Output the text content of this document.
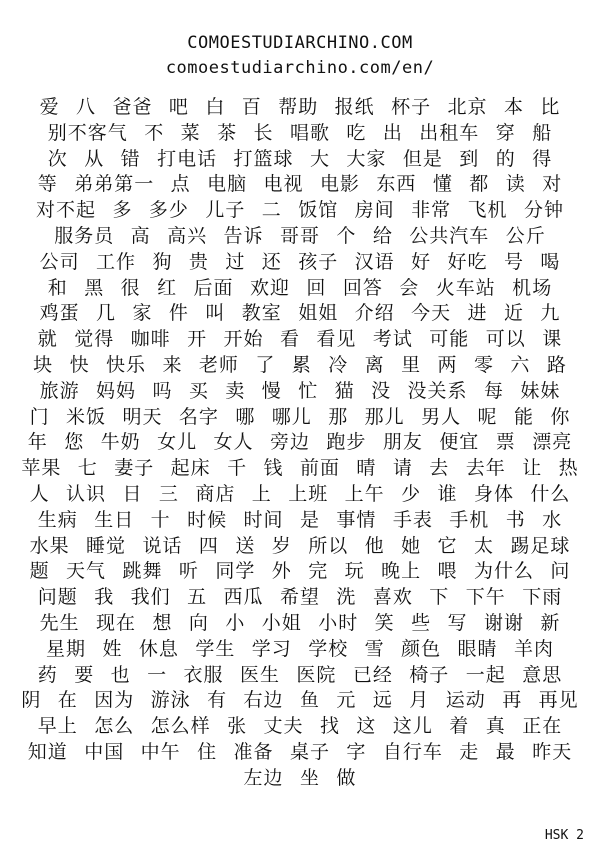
COMOESTUDIARCHINO.COM
comoestudiarchino.com/en/
爱 八 爸爸 吧 白 百 帮助 报纸 杯子 北京 本 比
别不客气 不 菜 茶 长 唱歌 吃 出 出租车 穿 船
次 从 错 打电话 打篮球 大 大家 但是 到 的 得
等 弟弟第一 点 电脑 电视 电影 东西 懂 都 读 对
对不起 多 多少 儿子 二 饭馆 房间 非常 飞机 分钟
服务员 高 高兴 告诉 哥哥 个 给 公共汽车 公斤
公司 工作 狗 贵 过 还 孩子 汉语 好 好吃 号 喝
和 黑 很 红 后面 欢迎 回 回答 会 火车站 机场
鸡蛋 几 家 件 叫 教室 姐姐 介绍 今天 进 近 九
就 觉得 咖啡 开 开始 看 看见 考试 可能 可以 课
块 快 快乐 来 老师 了 累 冷 离 里 两 零 六 路
旅游 妈妈 吗 买 卖 慢 忙 猫 没 没关系 每 妹妹
门 米饭 明天 名字 哪 哪儿 那 那儿 男人 呢 能 你
年 您 牛奶 女儿 女人 旁边 跑步 朋友 便宜 票 漂亮
苹果 七 妻子 起床 千 钱 前面 晴 请 去 去年 让 热
人 认识 日 三 商店 上 上班 上午 少 谁 身体 什么
生病 生日 十 时候 时间 是 事情 手表 手机 书 水
水果 睡觉 说话 四 送 岁 所以 他 她 它 太 踢足球
题 天气 跳舞 听 同学 外 完 玩 晚上 喂 为什么 问
问题 我 我们 五 西瓜 希望 洗 喜欢 下 下午 下雨
先生 现在 想 向 小 小姐 小时 笑 些 写 谢谢 新
星期 姓 休息 学生 学习 学校 雪 颜色 眼睛 羊肉
药 要 也 一 衣服 医生 医院 已经 椅子 一起 意思
阴 在 因为 游泳 有 右边 鱼 元 远 月 运动 再 再见
早上 怎么 怎么样 张 丈夫 找 这 这儿 着 真 正在
知道 中国 中午 住 准备 桌子 字 自行车 走 最 昨天
左边 坐 做
HSK 2
